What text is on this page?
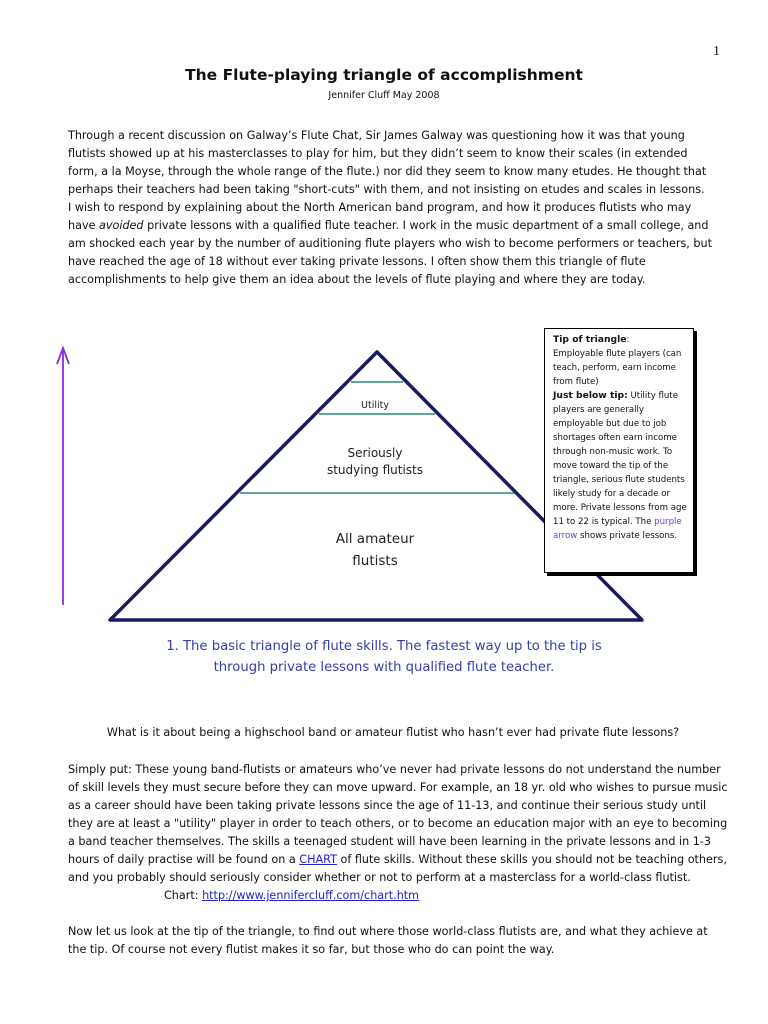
1
The Flute-playing triangle of accomplishment
Jennifer Cluff May 2008

Through a recent discussion on Galway’s Flute Chat, Sir James Galway was questioning how it was that young flutists showed up at his masterclasses to play for him, but they didn’t seem to know their scales (in extended form, a la Moyse, through the whole range of the flute.) nor did they seem to know many etudes. He thought that perhaps their teachers had been taking "short-cuts" with them, and not insisting on etudes and scales in lessons.

I wish to respond by explaining about the North American band program, and how it produces flutists who may have avoided private lessons with a qualified flute teacher. I work in the music department of a small college, and am shocked each year by the number of auditioning flute players who wish to become performers or teachers, but have reached the age of 18 without ever taking private lessons. I often show them this triangle of flute accomplishments to help give them an idea about the levels of flute playing and where they are today.

Utility
Seriously
studying flutists
All amateur
flutists

Tip of triangle:

Employable flute players (can teach, perform, earn income from flute)

Just below tip: Utility flute players are generally employable but due to job shortages often earn income through non-music work. To move toward the tip of the triangle, serious flute students likely study for a decade or more. Private lessons from age 11 to 22 is typical. The purple arrow shows private lessons.

1. The basic triangle of flute skills. The fastest way up to the tip is

through private lessons with qualified flute teacher.

What is it about being a highschool band or amateur flutist who hasn’t ever had private flute lessons?

Simply put: These young band-flutists or amateurs who’ve never had private lessons do not understand the number of skill levels they must secure before they can move upward. For example, an 18 yr. old who wishes to pursue music as a career should have been taking private lessons since the age of 11-13, and continue their serious study until they are at least a "utility" player in order to teach others, or to become an education major with an eye to becoming a band teacher themselves. The skills a teenaged student will have been learning in the private lessons and in 1-3 hours of daily practise will be found on a CHART of flute skills. Without these skills you should not be teaching others, and you probably should seriously consider whether or not to perform at a masterclass for a world-class flutist.Chart: http://www.jennifercluff.com/chart.htm

Now let us look at the tip of the triangle, to find out where those world-class flutists are, and what they achieve at the tip. Of course not every flutist makes it so far, but those who do can point the way.
